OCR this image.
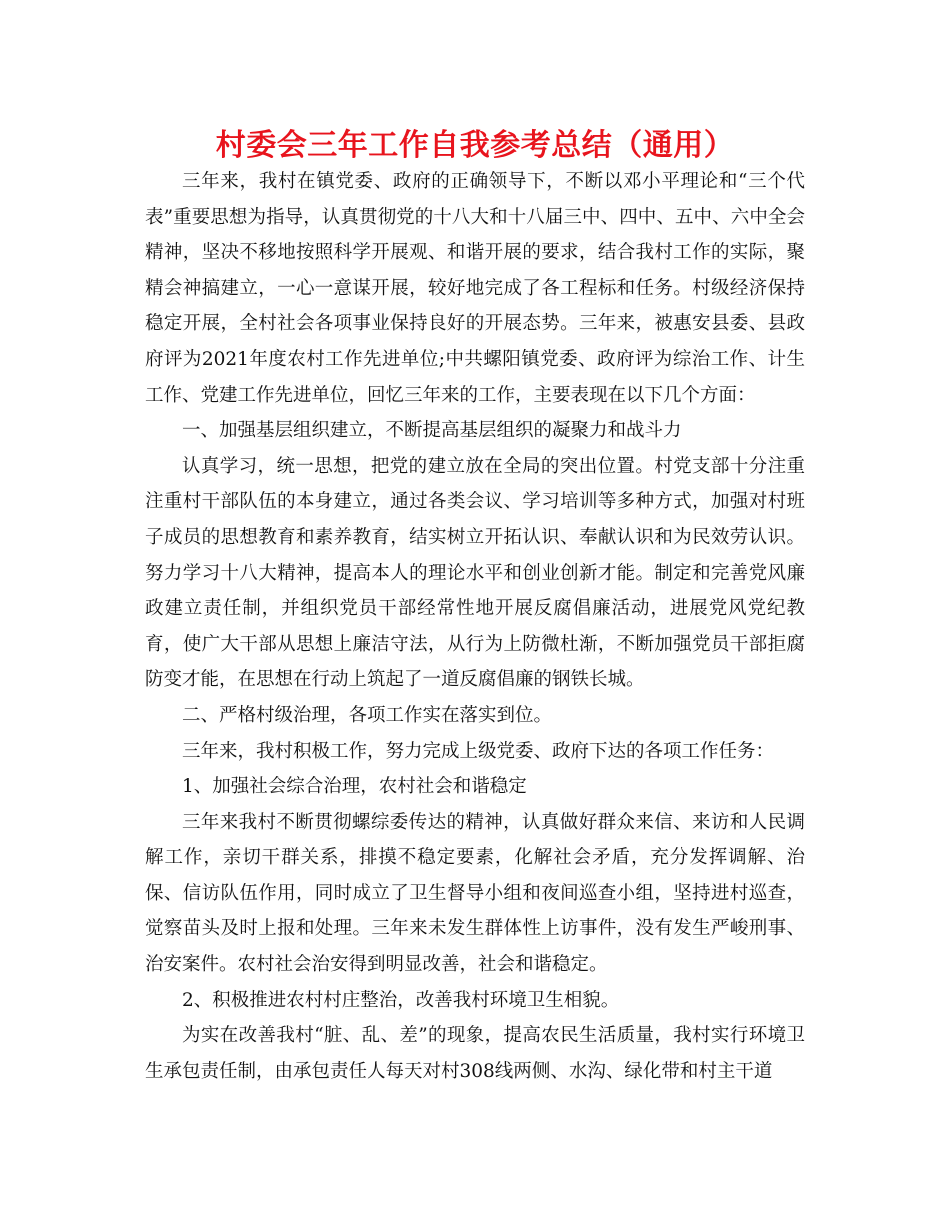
村委会三年工作自我参考总结（通用）

三年来，我村在镇党委、政府的正确领导下，不断以邓小平理论和“三个代表”重要思想为指导，认真贯彻党的十八大和十八届三中、四中、五中、六中全会精神，坚决不移地按照科学开展观、和谐开展的要求，结合我村工作的实际，聚精会神搞建立，一心一意谋开展，较好地完成了各工程标和任务。村级经济保持稳定开展，全村社会各项事业保持良好的开展态势。三年来，被惠安县委、县政府评为2021年度农村工作先进单位;中共螺阳镇党委、政府评为综治工作、计生工作、党建工作先进单位，回忆三年来的工作，主要表现在以下几个方面：

一、加强基层组织建立，不断提高基层组织的凝聚力和战斗力

认真学习，统一思想，把党的建立放在全局的突出位置。村党支部十分注重注重村干部队伍的本身建立，通过各类会议、学习培训等多种方式，加强对村班子成员的思想教育和素养教育，结实树立开拓认识、奉献认识和为民效劳认识。努力学习十八大精神，提高本人的理论水平和创业创新才能。制定和完善党风廉政建立责任制，并组织党员干部经常性地开展反腐倡廉活动，进展党风党纪教育，使广大干部从思想上廉洁守法，从行为上防微杜渐，不断加强党员干部拒腐防变才能，在思想在行动上筑起了一道反腐倡廉的钢铁长城。

二、严格村级治理，各项工作实在落实到位。

三年来，我村积极工作，努力完成上级党委、政府下达的各项工作任务：

1、加强社会综合治理，农村社会和谐稳定

三年来我村不断贯彻螺综委传达的精神，认真做好群众来信、来访和人民调解工作，亲切干群关系，排摸不稳定要素，化解社会矛盾，充分发挥调解、治保、信访队伍作用，同时成立了卫生督导小组和夜间巡查小组，坚持进村巡查，觉察苗头及时上报和处理。三年来未发生群体性上访事件，没有发生严峻刑事、治安案件。农村社会治安得到明显改善，社会和谐稳定。

2、积极推进农村村庄整治，改善我村环境卫生相貌。

为实在改善我村“脏、乱、差”的现象，提高农民生活质量，我村实行环境卫生承包责任制，由承包责任人每天对村308线两侧、水沟、绿化带和村主干道
